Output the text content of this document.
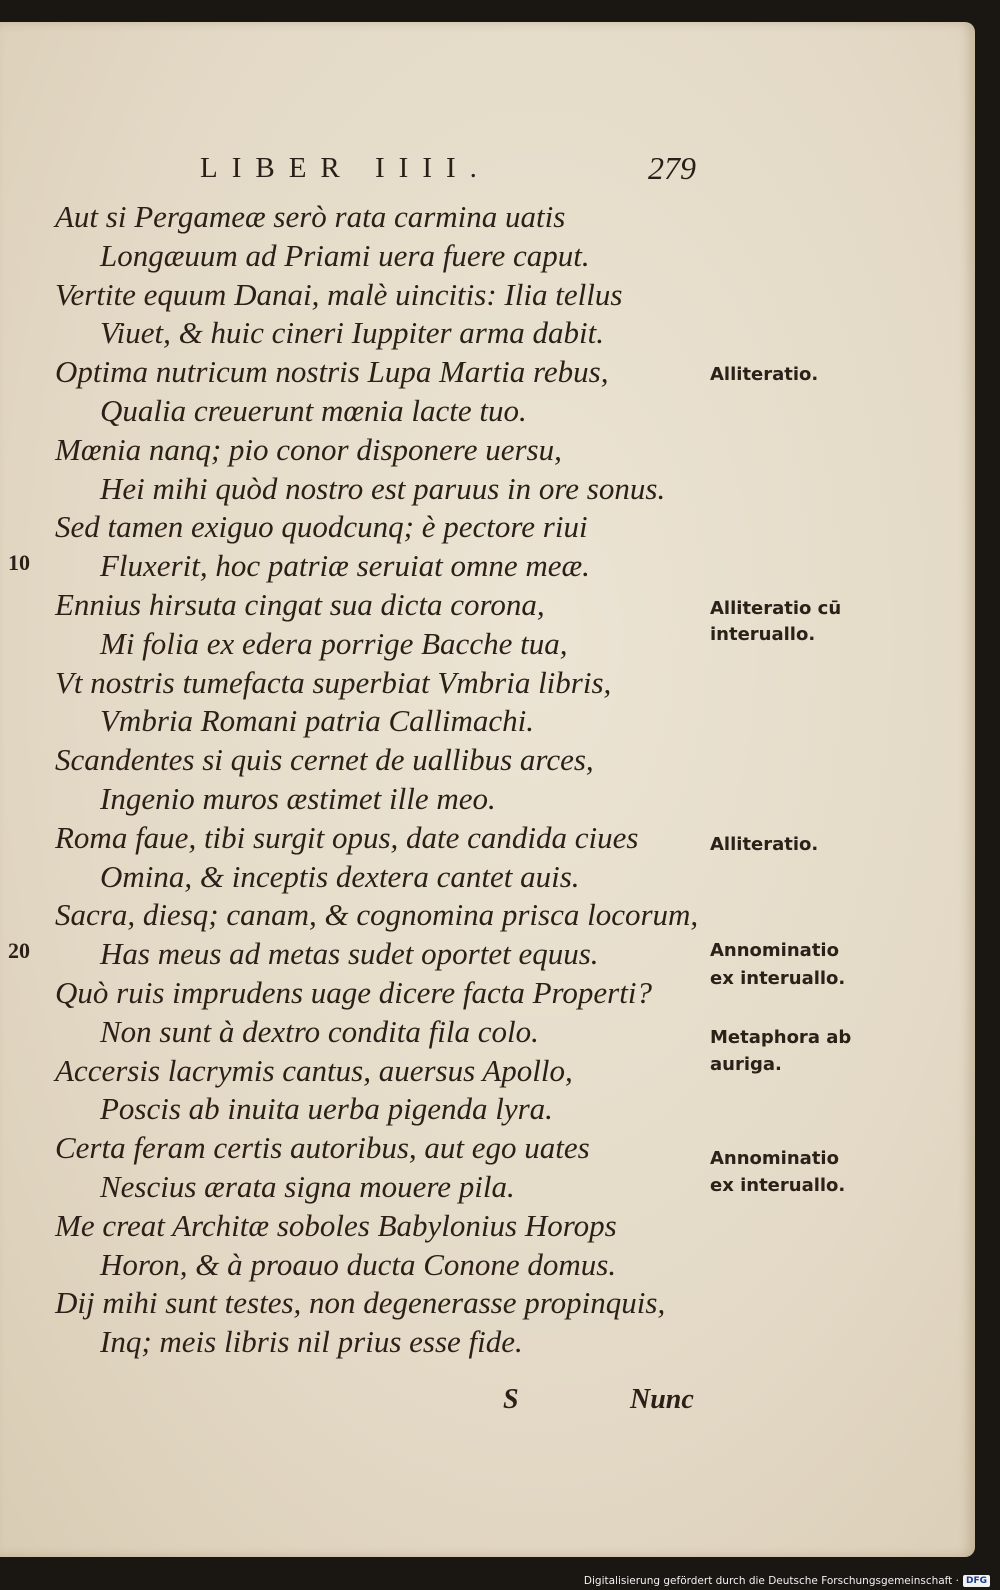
LIBER IIII.	279
Aut si Pergameæ serò rata carmina uatis
Longæuum ad Priami uera fuere caput.
Vertite equum Danai, malè uincitis: Ilia tellus
Viuet, & huic cineri Iuppiter arma dabit.
Optima nutricum nostris Lupa Martia rebus,
Qualia creuerunt mœnia lacte tuo.
Mœnia nanq; pio conor disponere uersu,
Hei mihi quòd nostro est paruus in ore sonus.
Sed tamen exiguo quodcunq; è pectore riui
Fluxerit, hoc patriæ seruiat omne meæ.
Ennius hirsuta cingat sua dicta corona,
Mi folia ex edera porrige Bacche tua,
Vt nostris tumefacta superbiat Vmbria libris,
Vmbria Romani patria Callimachi.
Scandentes si quis cernet de uallibus arces,
Ingenio muros æstimet ille meo.
Roma faue, tibi surgit opus, date candida ciues
Omina, & inceptis dextera cantet auis.
Sacra, diesq; canam, & cognomina prisca locorum,
Has meus ad metas sudet oportet equus.
Quò ruis imprudens uage dicere facta Properti?
Non sunt à dextro condita fila colo.
Accersis lacrymis cantus, auersus Apollo,
Poscis ab inuita uerba pigenda lyra.
Certa feram certis autoribus, aut ego uates
Nescius ærata signa mouere pila.
Me creat Architæ soboles Babylonius Horops
Horon, & à proauo ducta Conone domus.
Dij mihi sunt testes, non degenerasse propinquis,
Inq; meis libris nil prius esse fide.
10
20
Alliteratio.
Alliteratio cū
interuallo.
Alliteratio.
Annominatio
ex interuallo.
Metaphora ab
auriga.
Annominatio
ex interuallo.
S	Nunc
Digitalisierung gefördert durch die Deutsche Forschungsgemeinschaft · DFG
